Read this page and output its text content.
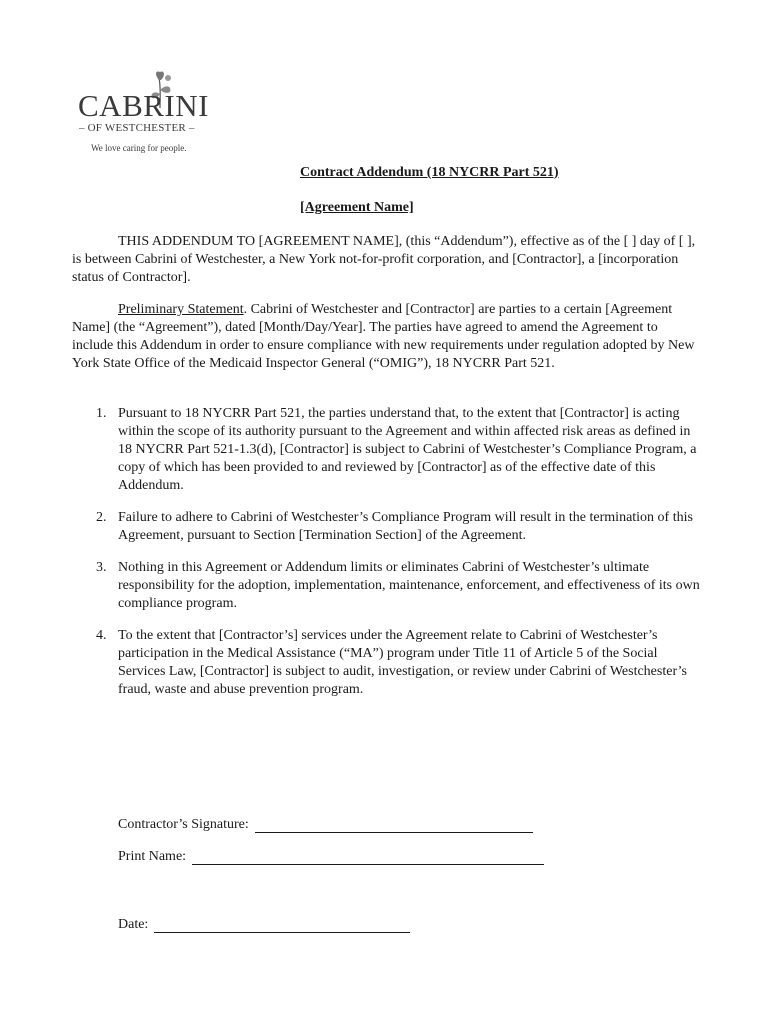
CABRINI
– OF WESTCHESTER –
We love caring for people.
Contract Addendum (18 NYCRR Part 521)
[Agreement Name]
THIS ADDENDUM TO [AGREEMENT NAME], (this “Addendum”), effective as of the [ ] day of [ ], is between Cabrini of Westchester, a New York not-for-profit corporation, and [Contractor], a [incorporation status of Contractor].
Preliminary Statement. Cabrini of Westchester and [Contractor] are parties to a certain [Agreement Name] (the “Agreement”), dated [Month/Day/Year]. The parties have agreed to amend the Agreement to include this Addendum in order to ensure compliance with new requirements under regulation adopted by New York State Office of the Medicaid Inspector General (“OMIG”), 18 NYCRR Part 521.
1. Pursuant to 18 NYCRR Part 521, the parties understand that, to the extent that [Contractor] is acting within the scope of its authority pursuant to the Agreement and within affected risk areas as defined in 18 NYCRR Part 521-1.3(d), [Contractor] is subject to Cabrini of Westchester’s Compliance Program, a copy of which has been provided to and reviewed by [Contractor] as of the effective date of this Addendum.
2. Failure to adhere to Cabrini of Westchester’s Compliance Program will result in the termination of this Agreement, pursuant to Section [Termination Section] of the Agreement.
3. Nothing in this Agreement or Addendum limits or eliminates Cabrini of Westchester’s ultimate responsibility for the adoption, implementation, maintenance, enforcement, and effectiveness of its own compliance program.
4. To the extent that [Contractor’s] services under the Agreement relate to Cabrini of Westchester’s participation in the Medical Assistance (“MA”) program under Title 11 of Article 5 of the Social Services Law, [Contractor] is subject to audit, investigation, or review under Cabrini of Westchester’s fraud, waste and abuse prevention program.
Contractor’s Signature:
Print Name:
Date:
